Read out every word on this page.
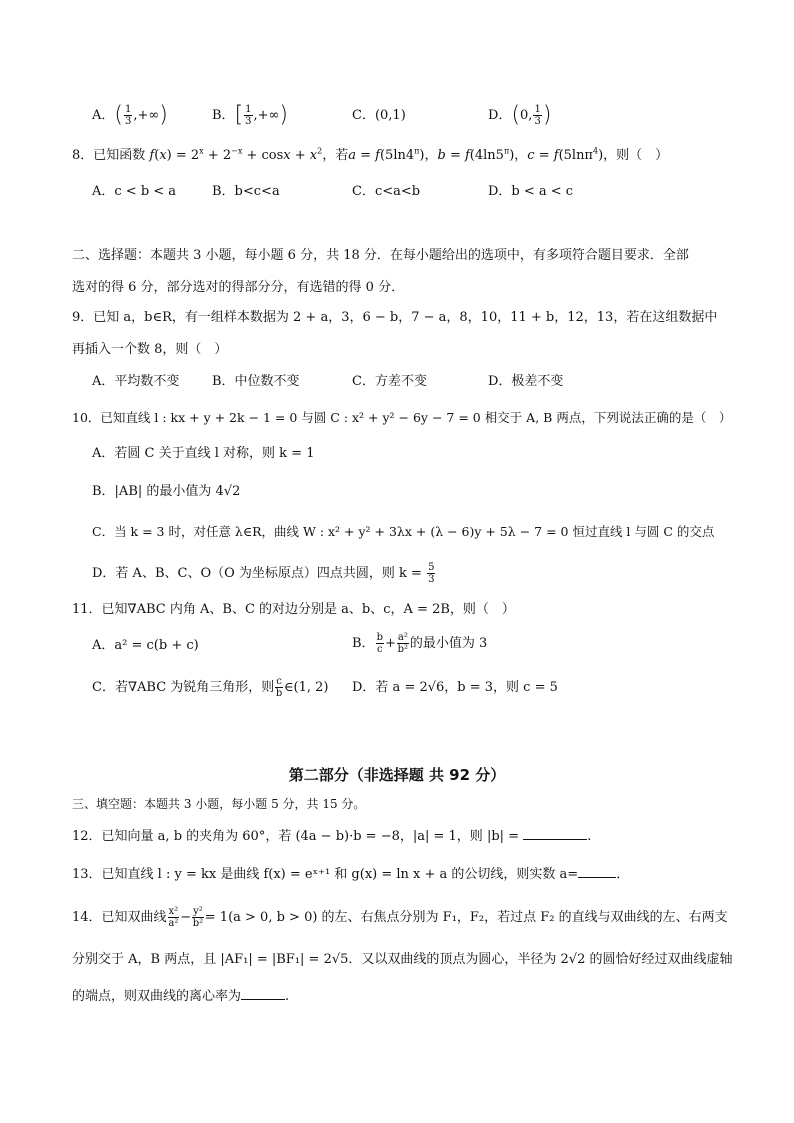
A．( $\frac{1}{3}$ ,+∞)	B．[ $\frac{1}{3}$ ,+∞)	C．(0,1)	D．(0, $\frac{1}{3}$ )
8．已知函数 $f(x) = 2^x + 2^{-x} + \cos x + x^2$，若$a = f(5\ln 4^\pi)$，$b = f(4\ln 5^\pi)$，c = f(5lnπ$^4$)，则（　）
A．c < b < a	B．b<c<a	C．c<a<b	D．b < a < c
二、选择题：本题共 3 小题，每小题 6 分，共 18 分．在每小题给出的选项中，有多项符合题目要求．全部
选对的得 6 分，部分选对的得部分分，有选错的得 0 分．
9．已知 a，b∈R，有一组样本数据为 2 + a，3，6 − b，7 − a，8，10，11 + b，12，13，若在这组数据中
再插入一个数 8，则（　）
A．平均数不变	B．中位数不变	C．方差不变	D．极差不变
10．已知直线 l : kx + y + 2k − 1 = 0 与圆 C : x² + y² − 6y − 7 = 0 相交于 A, B 两点，下列说法正确的是（　）
A．若圆 C 关于直线 l 对称，则 k = 1
B．|AB| 的最小值为 4√2
C．当 k = 3 时，对任意 λ∈R，曲线 W : x² + y² + 3λx + (λ − 6)y + 5λ − 7 = 0 恒过直线 l 与圆 C 的交点
D．若 A、B、C、O（O 为坐标原点）四点共圆，则 $k = \frac{5}{3}$
11．已知∇ABC 内角 A、B、C 的对边分别是 a、b、c，A = 2B，则（　）
A．a² = c(b + c)	B． $\frac{b}{c} + \frac{\text{a²}}{\text{b²}}$ 的最小值为 3
C．若∇ABC 为锐角三角形，则 $\frac{c}{b}$ ∈(1, 2) D．若 a = 2√6，b = 3，则 c = 5
第二部分（非选择题 共 92 分）
三、填空题：本题共 3 小题，每小题 5 分，共 15 分。
12．已知向量 a, b 的夹角为 60°，若 (4a − b)·b = −8，|a| = 1，则 |b| =	.
13．已知直线 l : y = kx 是曲线 f(x) = eˣ⁺¹ 和 g(x) = ln x + a 的公切线，则实数 a=	．
14．已知双曲线 $\frac{\text{x²}}{\text{a²}} - \frac{\text{y²}}{\text{b²}} = 1(a > 0$, b > 0) 的左、右焦点分别为 F₁，F₂，若过点 F₂ 的直线与双曲线的左、右两支
分别交于 A，B 两点，且 |AF₁| = |BF₁| = 2√5．又以双曲线的顶点为圆心，半径为 2√2 的圆恰好经过双曲线虚轴
的端点，则双曲线的离心率为	.
